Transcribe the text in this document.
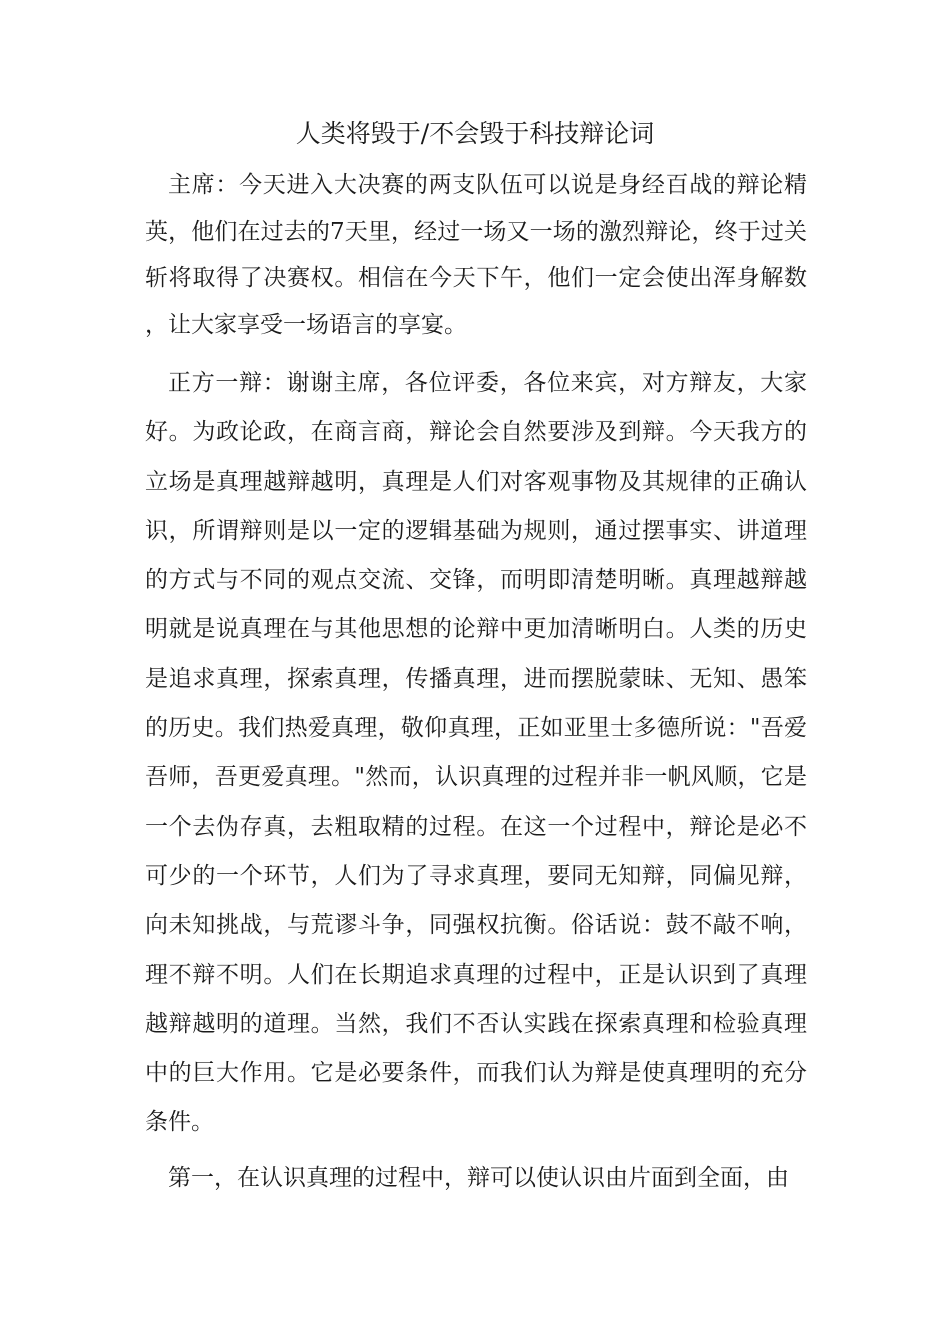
人类将毁于/不会毁于科技辩论词

主席：今天进入大决赛的两支队伍可以说是身经百战的辩论精英，他们在过去的7天里，经过一场又一场的激烈辩论，终于过关斩将取得了决赛权。相信在今天下午，他们一定会使出浑身解数，让大家享受一场语言的享宴。

正方一辩：谢谢主席，各位评委，各位来宾，对方辩友，大家好。为政论政，在商言商，辩论会自然要涉及到辩。今天我方的立场是真理越辩越明，真理是人们对客观事物及其规律的正确认识，所谓辩则是以一定的逻辑基础为规则，通过摆事实、讲道理的方式与不同的观点交流、交锋，而明即清楚明晰。真理越辩越明就是说真理在与其他思想的论辩中更加清晰明白。人类的历史是追求真理，探索真理，传播真理，进而摆脱蒙昧、无知、愚笨的历史。我们热爱真理，敬仰真理，正如亚里士多德所说："吾爱吾师，吾更爱真理。"然而，认识真理的过程并非一帆风顺，它是一个去伪存真，去粗取精的过程。在这一个过程中，辩论是必不可少的一个环节，人们为了寻求真理，要同无知辩，同偏见辩，向未知挑战，与荒谬斗争，同强权抗衡。俗话说：鼓不敲不响，理不辩不明。人们在长期追求真理的过程中，正是认识到了真理越辩越明的道理。当然，我们不否认实践在探索真理和检验真理中的巨大作用。它是必要条件，而我们认为辩是使真理明的充分条件。

第一，在认识真理的过程中，辩可以使认识由片面到全面，由
